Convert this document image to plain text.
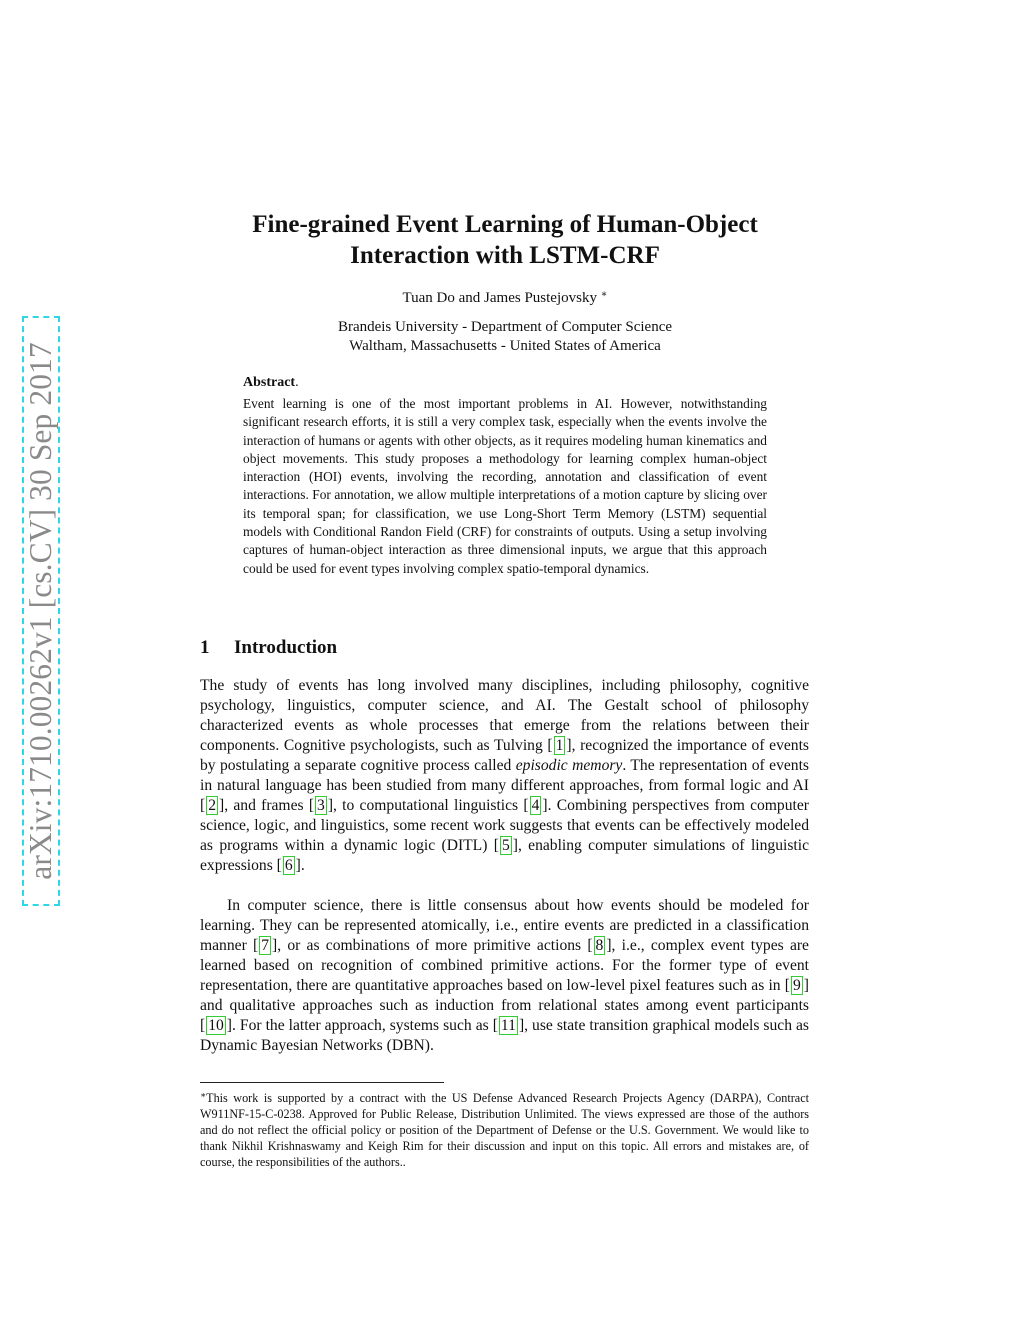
arXiv:1710.00262v1 [cs.CV] 30 Sep 2017
Fine-grained Event Learning of Human-Object Interaction with LSTM-CRF
Tuan Do and James Pustejovsky ∗
Brandeis University - Department of Computer Science
Waltham, Massachusetts - United States of America
Abstract.

Event learning is one of the most important problems in AI. However, notwithstanding significant research efforts, it is still a very complex task, especially when the events involve the interaction of humans or agents with other objects, as it requires modeling human kinematics and object movements. This study proposes a methodology for learning complex human-object interaction (HOI) events, involving the recording, annotation and classification of event interactions. For annotation, we allow multiple interpretations of a motion capture by slicing over its temporal span; for classification, we use Long-Short Term Memory (LSTM) sequential models with Conditional Randon Field (CRF) for constraints of outputs. Using a setup involving captures of human-object interaction as three dimensional inputs, we argue that this approach could be used for event types involving complex spatio-temporal dynamics.

1 Introduction

The study of events has long involved many disciplines, including philosophy, cognitive psychology, linguistics, computer science, and AI. The Gestalt school of philosophy characterized events as whole processes that emerge from the relations between their components. Cognitive psychologists, such as Tulving [ 1 ], recognized the importance of events by postulating a separate cognitive process called episodic memory. The representation of events in natural language has been studied from many different approaches, from formal logic and AI [ 2 ], and frames [ 3 ], to computational linguistics [ 4 ]. Combining perspectives from computer science, logic, and linguistics, some recent work suggests that events can be effectively modeled as programs within a dynamic logic (DITL) [ 5 ], enabling computer simulations of linguistic expressions [ 6 ].

In computer science, there is little consensus about how events should be modeled for learning. They can be represented atomically, i.e., entire events are predicted in a classification manner [ 7 ], or as combinations of more primitive actions [ 8 ], i.e., complex event types are learned based on recognition of combined primitive actions. For the former type of event representation, there are quantitative approaches based on low-level pixel features such as in [ 9 ] and qualitative approaches such as induction from relational states among event participants [ 10 ]. For the latter approach, systems such as [ 11 ], use state transition graphical models such as Dynamic Bayesian Networks (DBN).

∗This work is supported by a contract with the US Defense Advanced Research Projects Agency (DARPA), Contract W911NF-15-C-0238. Approved for Public Release, Distribution Unlimited. The views expressed are those of the authors and do not reflect the official policy or position of the Department of Defense or the U.S. Government. We would like to thank Nikhil Krishnaswamy and Keigh Rim for their discussion and input on this topic. All errors and mistakes are, of course, the responsibilities of the authors..
